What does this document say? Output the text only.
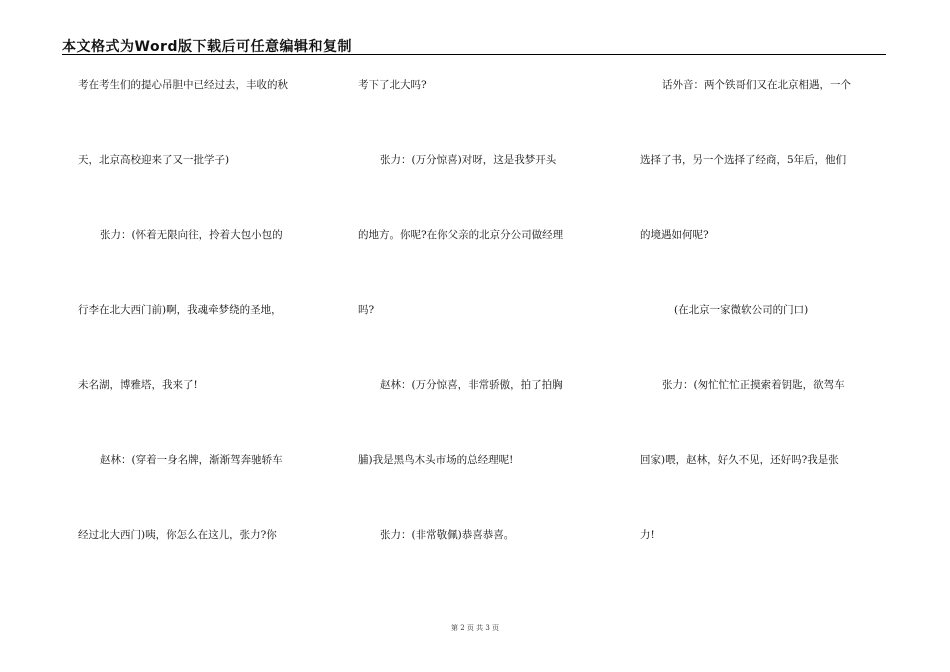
本文格式为Word版下载后可任意编辑和复制
考在考生们的提心吊胆中已经过去，丰收的秋
天，北京高校迎来了又一批学子)
张力：(怀着无限向往，拎着大包小包的
行李在北大西门前)啊，我魂牵梦绕的圣地，
未名湖，博雅塔，我来了!
赵林：(穿着一身名牌，渐渐驾奔驰轿车
经过北大西门)咦，你怎么在这儿，张力?你
考下了北大吗?
张力：(万分惊喜)对呀，这是我梦开头
的地方。你呢?在你父亲的北京分公司做经理
吗?
赵林：(万分惊喜，非常骄傲，拍了拍胸
脯)我是黑鸟木头市场的总经理呢!
张力：(非常敬佩)恭喜恭喜。
话外音：两个铁哥们又在北京相遇，一个
选择了书，另一个选择了经商，5年后，他们
的境遇如何呢?
(在北京一家微软公司的门口)
张力：(匆忙忙忙正摸索着钥匙，欲驾车
回家)喂，赵林，好久不见，还好吗?我是张
力!
第 2 页 共 3 页
